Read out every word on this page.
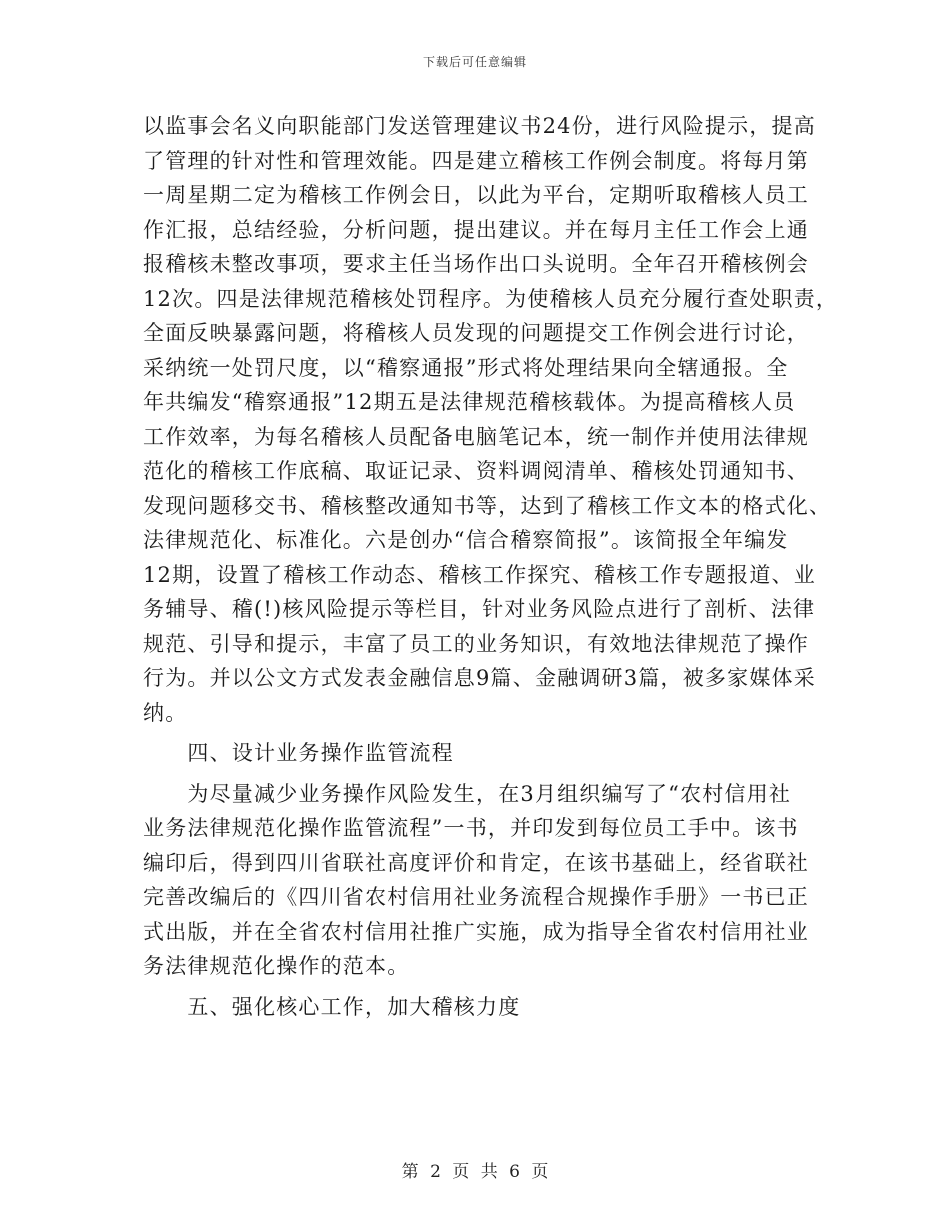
下载后可任意编辑
以监事会名义向职能部门发送管理建议书24份，进行风险提示，提高
了管理的针对性和管理效能。四是建立稽核工作例会制度。将每月第
一周星期二定为稽核工作例会日，以此为平台，定期听取稽核人员工
作汇报，总结经验，分析问题，提出建议。并在每月主任工作会上通
报稽核未整改事项，要求主任当场作出口头说明。全年召开稽核例会
12次。四是法律规范稽核处罚程序。为使稽核人员充分履行查处职责，
全面反映暴露问题，将稽核人员发现的问题提交工作例会进行讨论，
采纳统一处罚尺度，以“稽察通报”形式将处理结果向全辖通报。全
年共编发“稽察通报”12期五是法律规范稽核载体。为提高稽核人员
工作效率，为每名稽核人员配备电脑笔记本，统一制作并使用法律规
范化的稽核工作底稿、取证记录、资料调阅清单、稽核处罚通知书、
发现问题移交书、稽核整改通知书等，达到了稽核工作文本的格式化、
法律规范化、标准化。六是创办“信合稽察简报”。该简报全年编发
12期，设置了稽核工作动态、稽核工作探究、稽核工作专题报道、业
务辅导、稽(!)核风险提示等栏目，针对业务风险点进行了剖析、法律
规范、引导和提示，丰富了员工的业务知识，有效地法律规范了操作
行为。并以公文方式发表金融信息9篇、金融调研3篇，被多家媒体采
纳。
　　四、设计业务操作监管流程
　　为尽量减少业务操作风险发生，在3月组织编写了“农村信用社
业务法律规范化操作监管流程”一书，并印发到每位员工手中。该书
编印后，得到四川省联社高度评价和肯定，在该书基础上，经省联社
完善改编后的《四川省农村信用社业务流程合规操作手册》一书已正
式出版，并在全省农村信用社推广实施，成为指导全省农村信用社业
务法律规范化操作的范本。
　　五、强化核心工作，加大稽核力度
第 2 页 共 6 页
